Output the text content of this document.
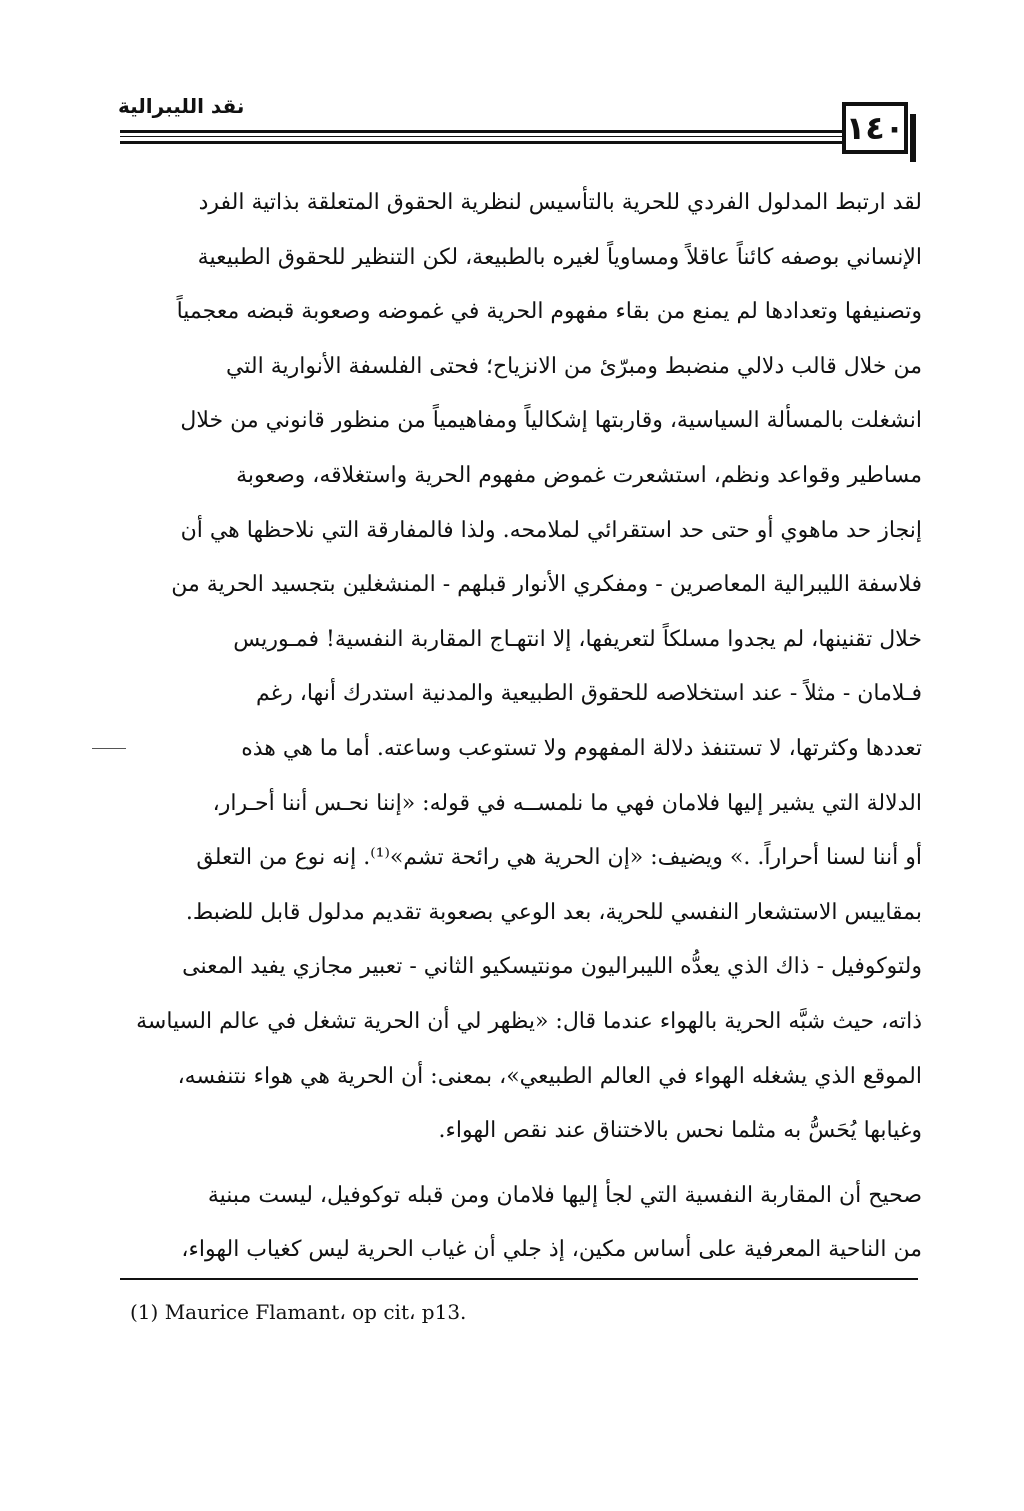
نقد الليبرالية
١٤٠
لقد ارتبط المدلول الفردي للحرية بالتأسيس لنظرية الحقوق المتعلقة بذاتية الفرد
الإنساني بوصفه كائناً عاقلاً ومساوياً لغيره بالطبيعة، لكن التنظير للحقوق الطبيعية
وتصنيفها وتعدادها لم يمنع من بقاء مفهوم الحرية في غموضه وصعوبة قبضه معجمياً
من خلال قالب دلالي منضبط ومبرّئ من الانزياح؛ فحتى الفلسفة الأنوارية التي
انشغلت بالمسألة السياسية، وقاربتها إشكالياً ومفاهيمياً من منظور قانوني من خلال
مساطير وقواعد ونظم، استشعرت غموض مفهوم الحرية واستغلاقه، وصعوبة
إنجاز حد ماهوي أو حتى حد استقرائي لملامحه. ولذا فالمفارقة التي نلاحظها هي أن
فلاسفة الليبرالية المعاصرين - ومفكري الأنوار قبلهم - المنشغلين بتجسيد الحرية من
خلال تقنينها، لم يجدوا مسلكاً لتعريفها، إلا انتهـاج المقاربة النفسية! فمـوريس
فـلامان - مثلاً - عند استخلاصه للحقوق الطبيعية والمدنية استدرك أنها، رغم
تعددها وكثرتها، لا تستنفذ دلالة المفهوم ولا تستوعب وساعته. أما ما هي هذه
الدلالة التي يشير إليها فلامان فهي ما نلمســه في قوله: «إننا نحـس أننا أحـرار،
أو أننا لسنا أحراراً. .» ويضيف: «إن الحرية هي رائحة تشم»⁽¹⁾. إنه نوع من التعلق
بمقاييس الاستشعار النفسي للحرية، بعد الوعي بصعوبة تقديم مدلول قابل للضبط.
ولتوكوفيل - ذاك الذي يعدُّه الليبراليون مونتيسكيو الثاني - تعبير مجازي يفيد المعنى
ذاته، حيث شبَّه الحرية بالهواء عندما قال: «يظهر لي أن الحرية تشغل في عالم السياسة
الموقع الذي يشغله الهواء في العالم الطبيعي»، بمعنى: أن الحرية هي هواء نتنفسه،
وغيابها يُحَسُّ به مثلما نحس بالاختناق عند نقص الهواء.
صحيح أن المقاربة النفسية التي لجأ إليها فلامان ومن قبله توكوفيل، ليست مبنية
من الناحية المعرفية على أساس مكين، إذ جلي أن غياب الحرية ليس كغياب الهواء،
(1) Maurice Flamant، op cit، p13.
